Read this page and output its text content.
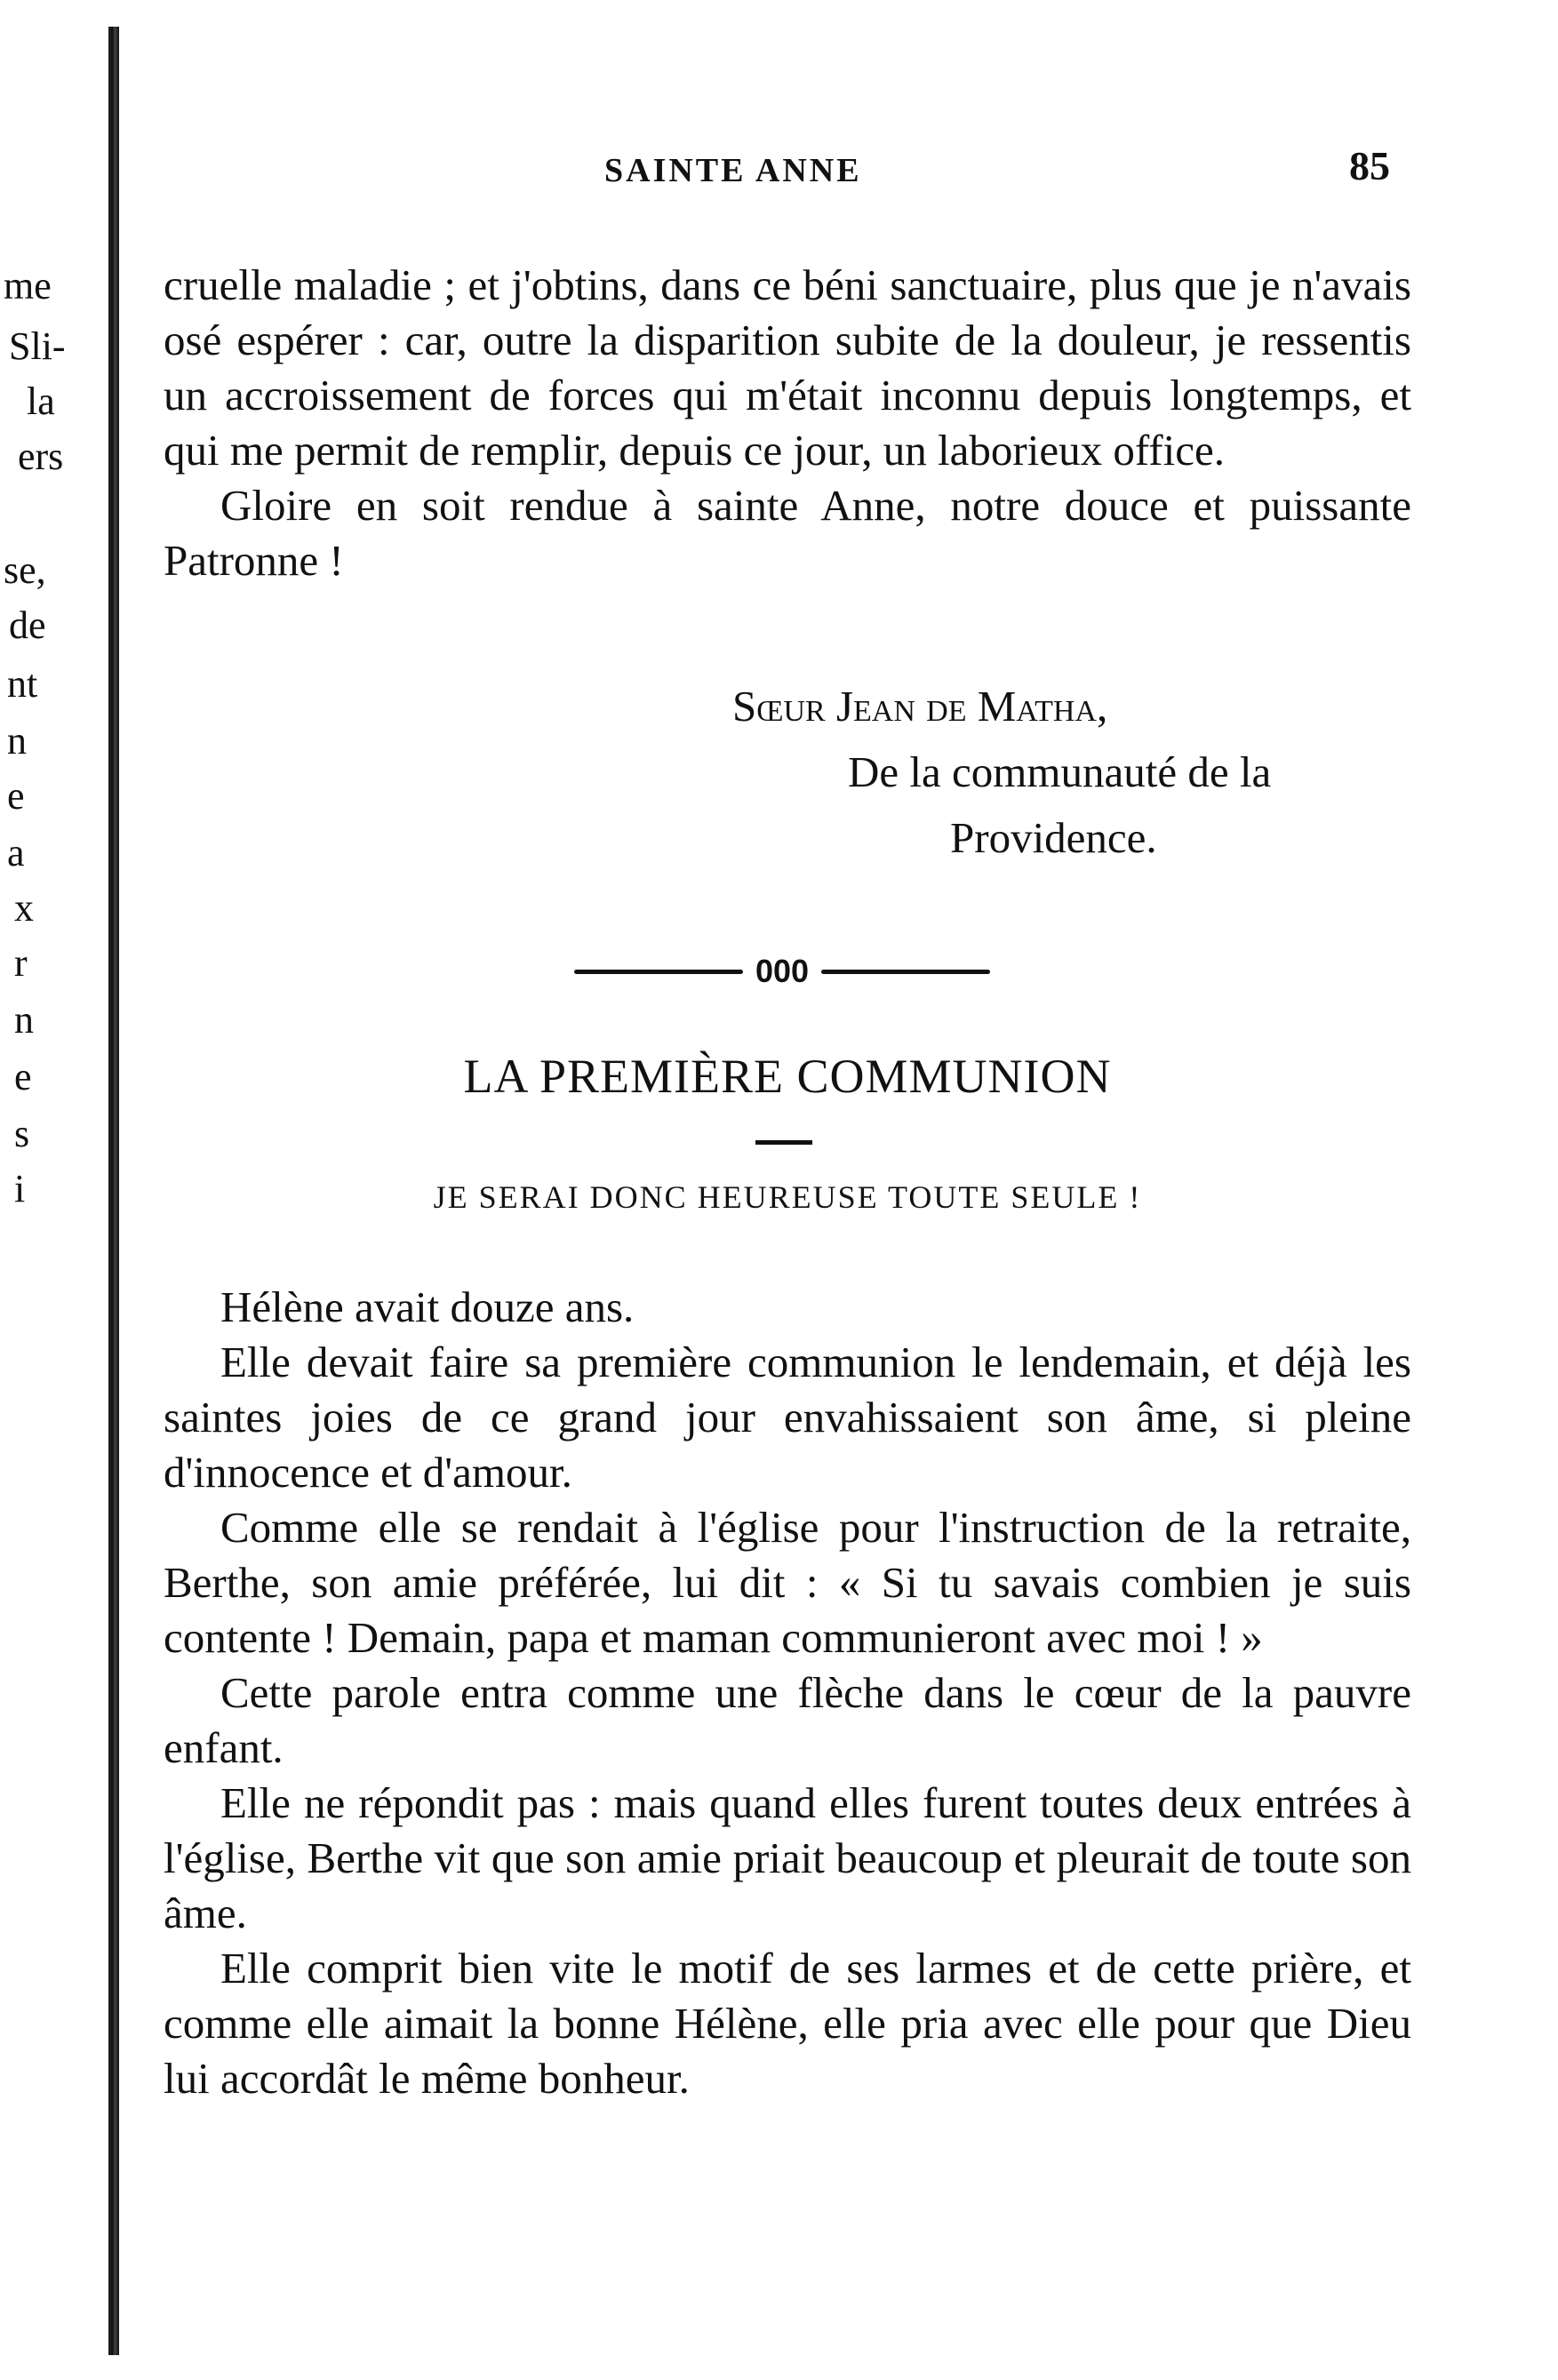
me
Sli-
la
ers
se,
de
nt
n
e
a
x
r
n
e
s
i
SAINTE ANNE	85

cruelle maladie ; et j'obtins, dans ce béni sanctuaire, plus que je n'avais osé espérer : car, outre la disparition subite de la douleur, je ressentis un accroissement de forces qui m'était inconnu depuis longtemps, et qui me permit de remplir, depuis ce jour, un laborieux office.

Gloire en soit rendue à sainte Anne, notre douce et puissante Patronne !

Sœur Jean de Matha,
De la communauté de la
Providence.
000
LA PREMIÈRE COMMUNION
JE SERAI DONC HEUREUSE TOUTE SEULE !

Hélène avait douze ans.

Elle devait faire sa première communion le lendemain, et déjà les saintes joies de ce grand jour envahissaient son âme, si pleine d'innocence et d'amour.

Comme elle se rendait à l'église pour l'instruction de la retraite, Berthe, son amie préférée, lui dit : « Si tu savais combien je suis contente ! Demain, papa et maman communieront avec moi ! »

Cette parole entra comme une flèche dans le cœur de la pauvre enfant.

Elle ne répondit pas : mais quand elles furent toutes deux entrées à l'église, Berthe vit que son amie priait beaucoup et pleurait de toute son âme.

Elle comprit bien vite le motif de ses larmes et de cette prière, et comme elle aimait la bonne Hélène, elle pria avec elle pour que Dieu lui accordât le même bonheur.
